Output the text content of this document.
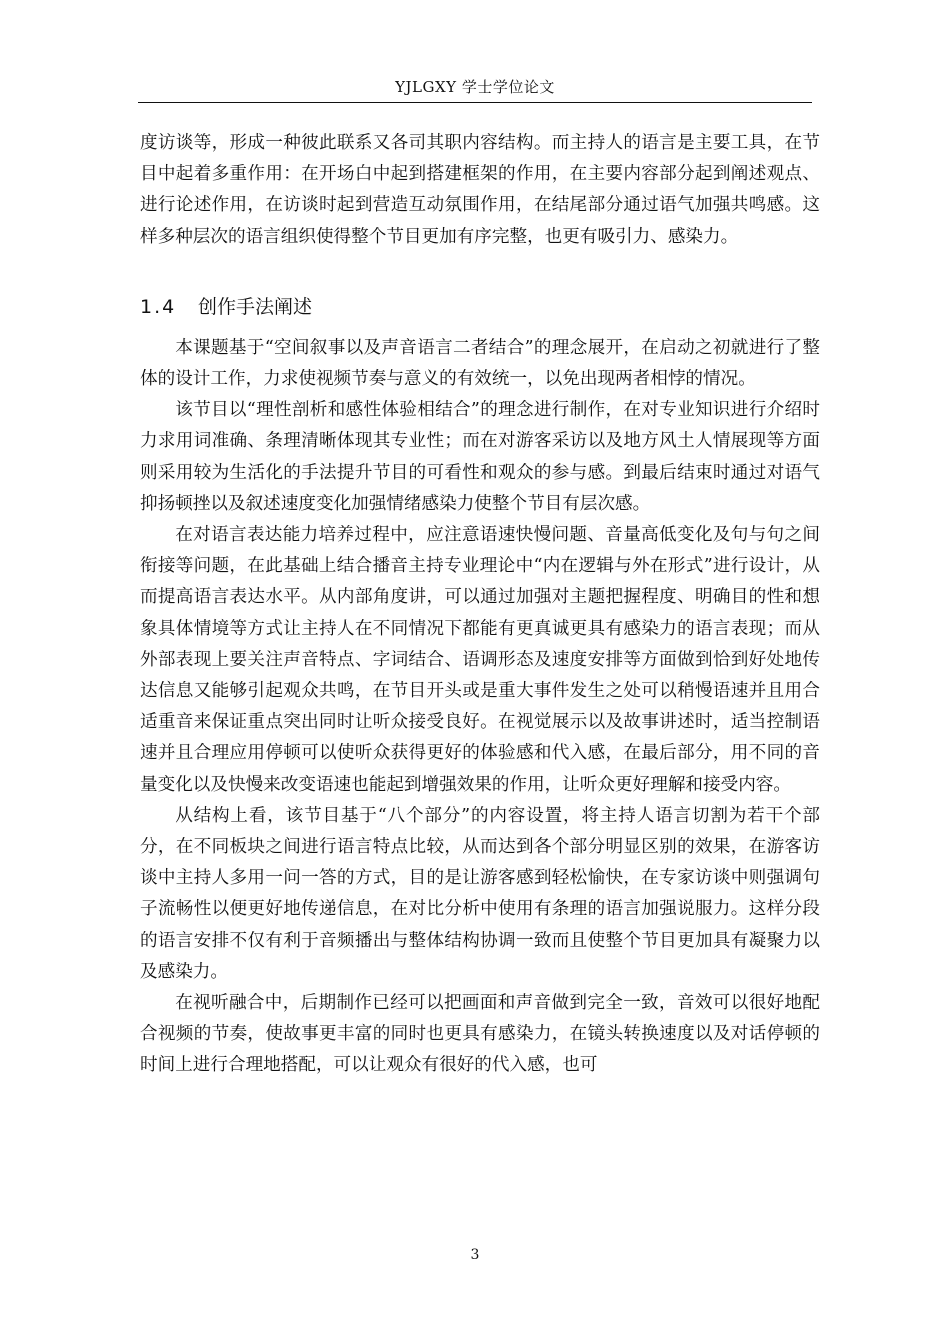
YJLGXY 学士学位论文

度访谈等，形成一种彼此联系又各司其职内容结构。而主持人的语言是主要工具，在节目中起着多重作用：在开场白中起到搭建框架的作用，在主要内容部分起到阐述观点、进行论述作用，在访谈时起到营造互动氛围作用，在结尾部分通过语气加强共鸣感。这样多种层次的语言组织使得整个节目更加有序完整，也更有吸引力、感染力。

1.4 创作手法阐述

本课题基于“空间叙事以及声音语言二者结合”的理念展开，在启动之初就进行了整体的设计工作，力求使视频节奏与意义的有效统一，以免出现两者相悖的情况。

该节目以“理性剖析和感性体验相结合”的理念进行制作，在对专业知识进行介绍时力求用词准确、条理清晰体现其专业性；而在对游客采访以及地方风土人情展现等方面则采用较为生活化的手法提升节目的可看性和观众的参与感。到最后结束时通过对语气抑扬顿挫以及叙述速度变化加强情绪感染力使整个节目有层次感。

在对语言表达能力培养过程中，应注意语速快慢问题、音量高低变化及句与句之间衔接等问题，在此基础上结合播音主持专业理论中“内在逻辑与外在形式”进行设计，从而提高语言表达水平。从内部角度讲，可以通过加强对主题把握程度、明确目的性和想象具体情境等方式让主持人在不同情况下都能有更真诚更具有感染力的语言表现；而从外部表现上要关注声音特点、字词结合、语调形态及速度安排等方面做到恰到好处地传达信息又能够引起观众共鸣，在节目开头或是重大事件发生之处可以稍慢语速并且用合适重音来保证重点突出同时让听众接受良好。在视觉展示以及故事讲述时，适当控制语速并且合理应用停顿可以使听众获得更好的体验感和代入感，在最后部分，用不同的音量变化以及快慢来改变语速也能起到增强效果的作用，让听众更好理解和接受内容。

从结构上看，该节目基于“八个部分”的内容设置，将主持人语言切割为若干个部分，在不同板块之间进行语言特点比较，从而达到各个部分明显区别的效果，在游客访谈中主持人多用一问一答的方式，目的是让游客感到轻松愉快，在专家访谈中则强调句子流畅性以便更好地传递信息，在对比分析中使用有条理的语言加强说服力。这样分段的语言安排不仅有利于音频播出与整体结构协调一致而且使整个节目更加具有凝聚力以及感染力。

在视听融合中，后期制作已经可以把画面和声音做到完全一致，音效可以很好地配合视频的节奏，使故事更丰富的同时也更具有感染力，在镜头转换速度以及对话停顿的时间上进行合理地搭配，可以让观众有很好的代入感，也可

3
